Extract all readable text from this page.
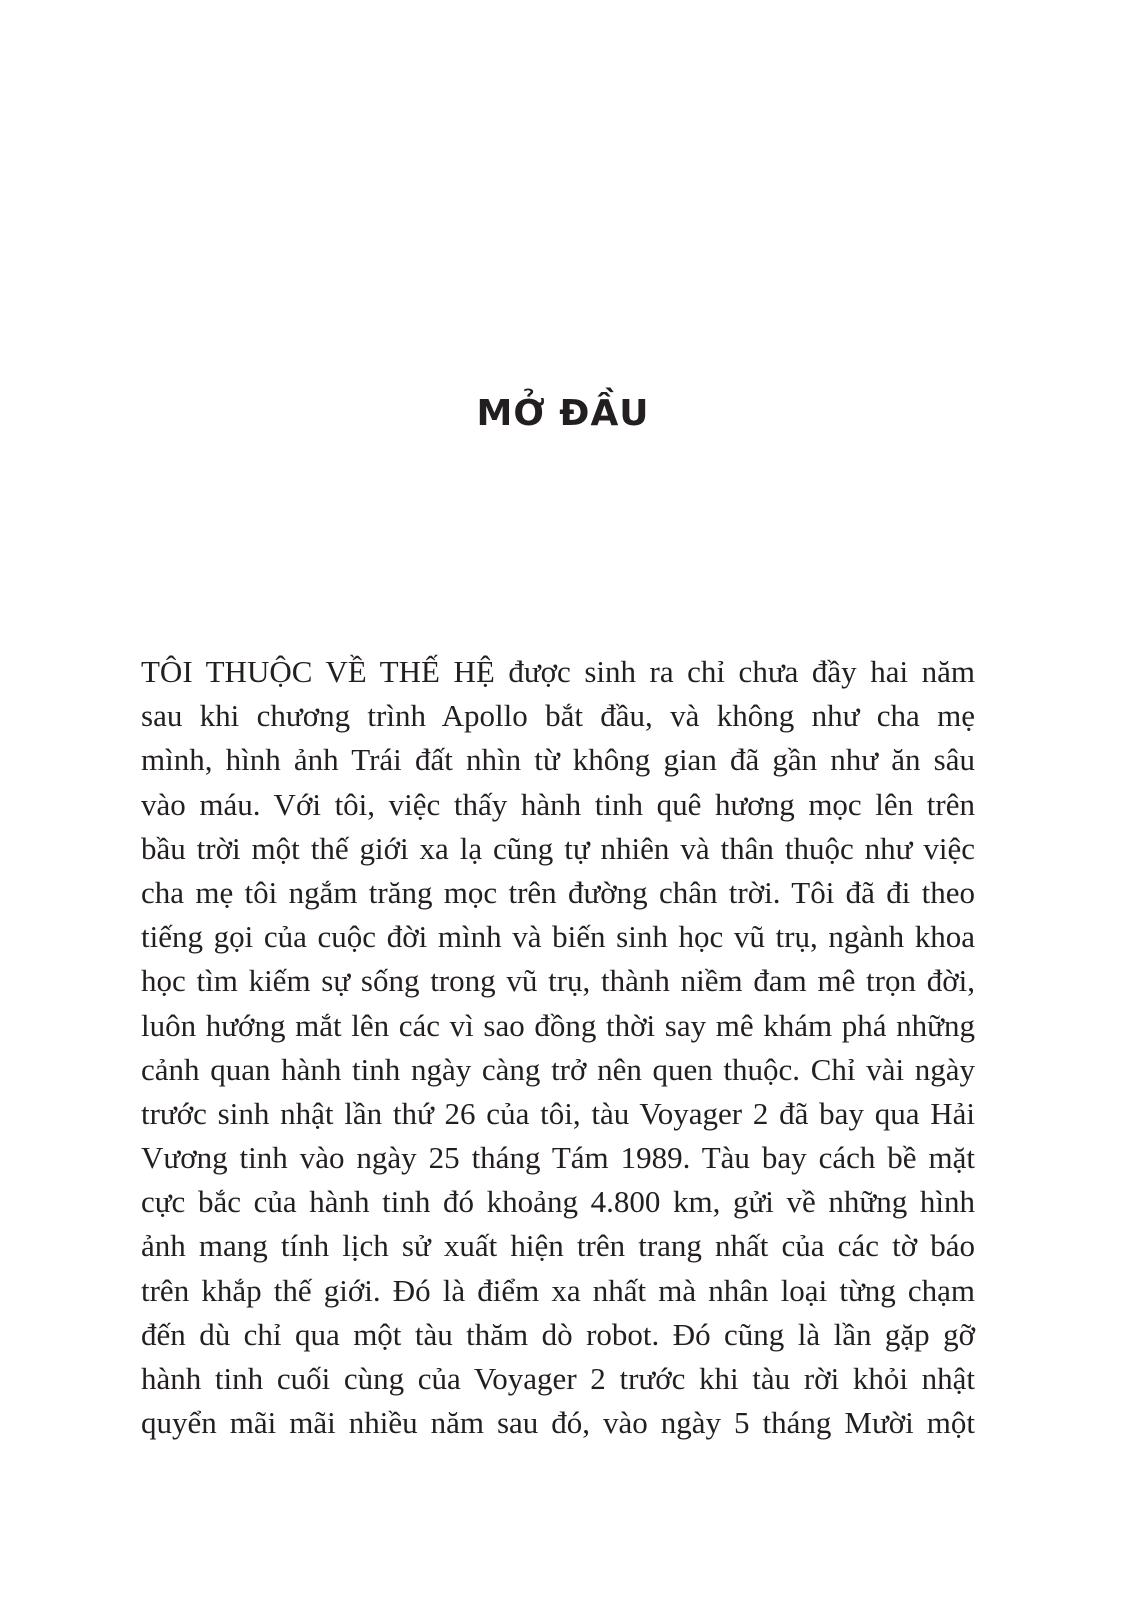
MỞ ĐẦU
TÔI THUỘC VỀ THẾ HỆ được sinh ra chỉ chưa đầy hai năm
sau khi chương trình Apollo bắt đầu, và không như cha mẹ
mình, hình ảnh Trái đất nhìn từ không gian đã gần như ăn sâu
vào máu. Với tôi, việc thấy hành tinh quê hương mọc lên trên
bầu trời một thế giới xa lạ cũng tự nhiên và thân thuộc như việc
cha mẹ tôi ngắm trăng mọc trên đường chân trời. Tôi đã đi theo
tiếng gọi của cuộc đời mình và biến sinh học vũ trụ, ngành khoa
học tìm kiếm sự sống trong vũ trụ, thành niềm đam mê trọn đời,
luôn hướng mắt lên các vì sao đồng thời say mê khám phá những
cảnh quan hành tinh ngày càng trở nên quen thuộc. Chỉ vài ngày
trước sinh nhật lần thứ 26 của tôi, tàu Voyager 2 đã bay qua Hải
Vương tinh vào ngày 25 tháng Tám 1989. Tàu bay cách bề mặt
cực bắc của hành tinh đó khoảng 4.800 km, gửi về những hình
ảnh mang tính lịch sử xuất hiện trên trang nhất của các tờ báo
trên khắp thế giới. Đó là điểm xa nhất mà nhân loại từng chạm
đến dù chỉ qua một tàu thăm dò robot. Đó cũng là lần gặp gỡ
hành tinh cuối cùng của Voyager 2 trước khi tàu rời khỏi nhật
quyển mãi mãi nhiều năm sau đó, vào ngày 5 tháng Mười một
